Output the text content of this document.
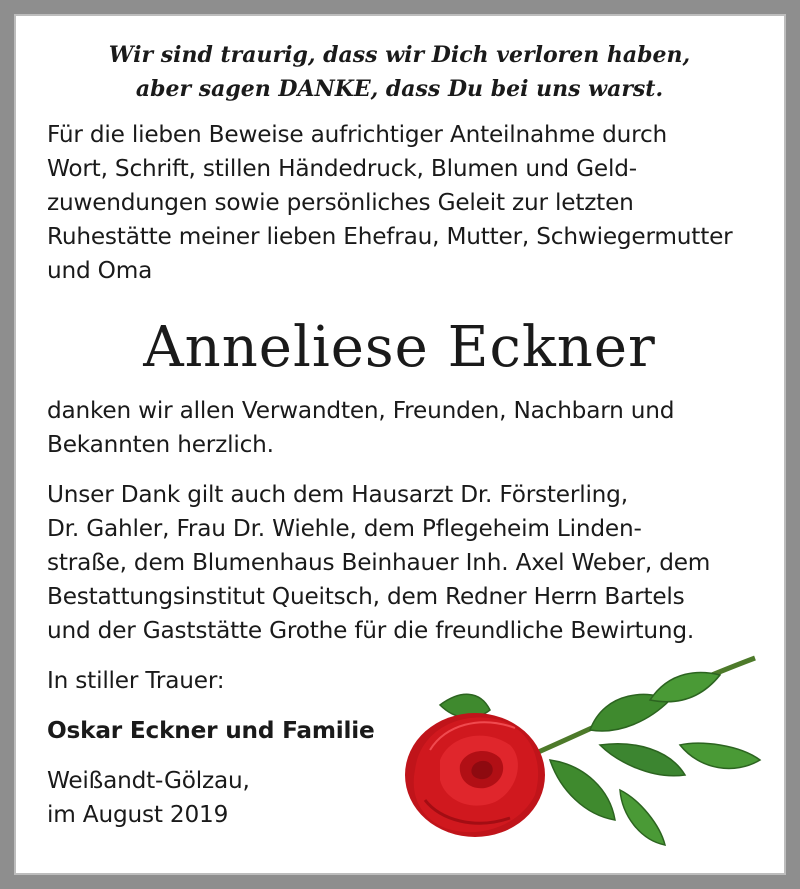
Wir sind traurig, dass wir Dich verloren haben,
aber sagen DANKE, dass Du bei uns warst.
Für die lieben Beweise aufrichtiger Anteilnahme durch
Wort, Schrift, stillen Händedruck, Blumen und Geld-
zuwendungen sowie persönliches Geleit zur letzten
Ruhestätte meiner lieben Ehefrau, Mutter, Schwiegermutter
und Oma
Anneliese Eckner
danken wir allen Verwandten, Freunden, Nachbarn und
Bekannten herzlich.
Unser Dank gilt auch dem Hausarzt Dr. Försterling,
Dr. Gahler, Frau Dr. Wiehle, dem Pflegeheim Linden-
straße, dem Blumenhaus Beinhauer Inh. Axel Weber, dem
Bestattungsinstitut Queitsch, dem Redner Herrn Bartels
und der Gaststätte Grothe für die freundliche Bewirtung.
In stiller Trauer:
Oskar Eckner und Familie
Weißandt-Gölzau,
im August 2019
